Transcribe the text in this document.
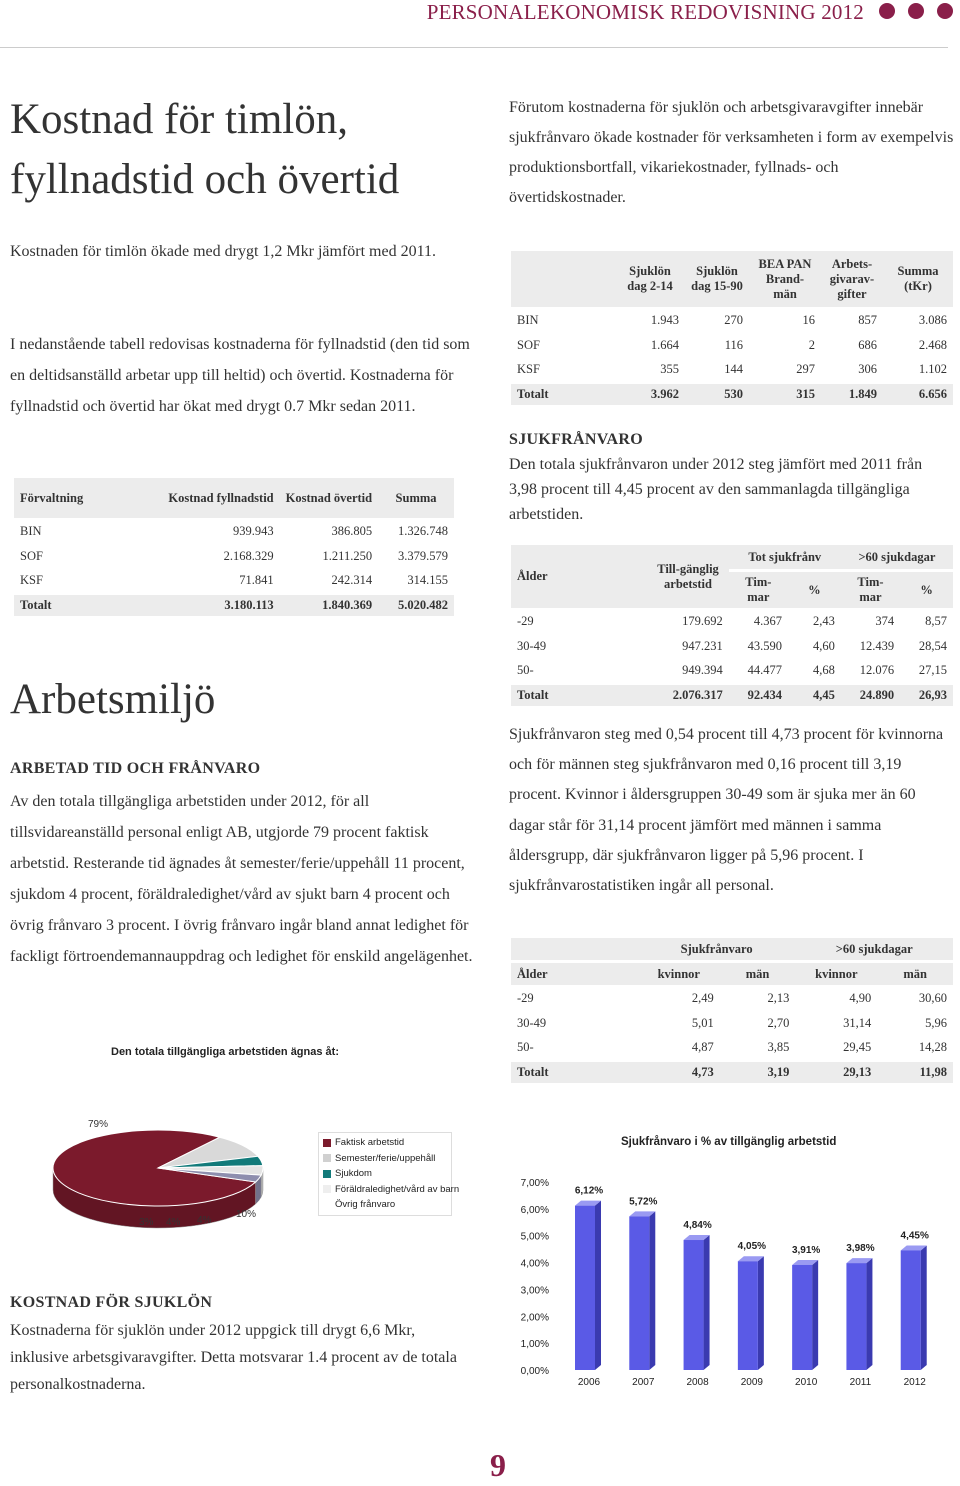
PERSONALEKONOMISK REDOVISNING 2012
Kostnad för timlön,
fyllnadstid och övertid

Kostnaden för timlön ökade med drygt 1,2 Mkr jämfört med 2011.

I nedanstående tabell redovisas kostnaderna för fyllnadstid (den tid som en deltidsanställd arbetar upp till heltid) och övertid. Kostnaderna för fyllnadstid och övertid har ökat med drygt 0.7 Mkr sedan 2011.

Förvaltning	Kostnad fyllnadstid	Kostnad övertid	Summa
BIN	939.943	386.805	1.326.748
SOF	2.168.329	1.211.250	3.379.579
KSF	71.841	242.314	314.155
Totalt	3.180.113	1.840.369	5.020.482
Arbetsmiljö
ARBETAD TID OCH FRÅNVARO

Av den totala tillgängliga arbetstiden under 2012, för all tillsvidareanställd personal enligt AB, utgjorde 79 procent faktisk arbetstid. Resterande tid ägnades åt semester/ferie/uppehåll 11 procent, sjukdom 4 procent, föräldraledighet/vård av sjukt barn 4 procent och övrig frånvaro 3 procent. I övrig frånvaro ingår bland annat ledighet för fackligt förtroendemannauppdrag och ledighet för enskild angelägenhet.

Den totala tillgängliga arbetstiden ägnas åt:
79%
3% 4% 4%
10%
Faktisk arbetstid
Semester/ferie/uppehåll
Sjukdom
Föräldraledighet/vård av barn
Övrig frånvaro
KOSTNAD FÖR SJUKLÖN

Kostnaderna för sjuklön under 2012 uppgick till drygt 6,6 Mkr, inklusive arbetsgivaravgifter. Detta motsvarar 1.4 procent av de totala personalkostnaderna.

Förutom kostnaderna för sjuklön och arbetsgivaravgifter innebär sjukfrånvaro ökade kostnader för verksamheten i form av exempelvis produktionsbortfall, vikariekostnader, fyllnads- och övertidskostnader.

	Sjuklön dag 2-14	Sjuklön dag 15-90	BEA PAN Brand-män	Arbets-givarav-gifter	Summa (tKr)
BIN	1.943	270	16	857	3.086
SOF	1.664	116	2	686	2.468
KSF	355	144	297	306	1.102
Totalt	3.962	530	315	1.849	6.656
SJUKFRÅNVARO

Den totala sjukfrånvaron under 2012 steg jämfört med 2011 från 3,98 procent till 4,45 procent av den sammanlagda tillgängliga arbetstiden.

Ålder	Till-gänglig arbetstid	Tot sjukfrånv		>60 sjukdagar	
		Tim-mar	%	Tim-mar	%
-29	179.692	4.367	2,43	374	8,57
30-49	947.231	43.590	4,60	12.439	28,54
50-	949.394	44.477	4,68	12.076	27,15
Totalt	2.076.317	92.434	4,45	24.890	26,93

Sjukfrånvaron steg med 0,54 procent till 4,73 procent för kvinnorna och för männen steg sjukfrånvaron med 0,16 procent till 3,19 procent. Kvinnor i åldersgruppen 30-49 som är sjuka mer än 60 dagar står för 31,14 procent jämfört med männen i samma åldersgrupp, där sjukfrånvaron ligger på 5,96 procent. I sjukfrånvarostatistiken ingår all personal.

	Sjukfrånvaro		>60 sjukdagar	
Ålder	kvinnor	män	kvinnor	män
-29	2,49	2,13	4,90	30,60
30-49	5,01	2,70	31,14	5,96
50-	4,87	3,85	29,45	14,28
Totalt	4,73	3,19	29,13	11,98
Sjukfrånvaro i % av tillgänglig arbetstid
0,00%
1,00%
2,00%
3,00%
4,00%
5,00%
6,00%
7,00%
6,12%
2006
5,72%
2007
4,84%
2008
4,05%
2009
3,91%
2010
3,98%
2011
4,45%
2012
9
